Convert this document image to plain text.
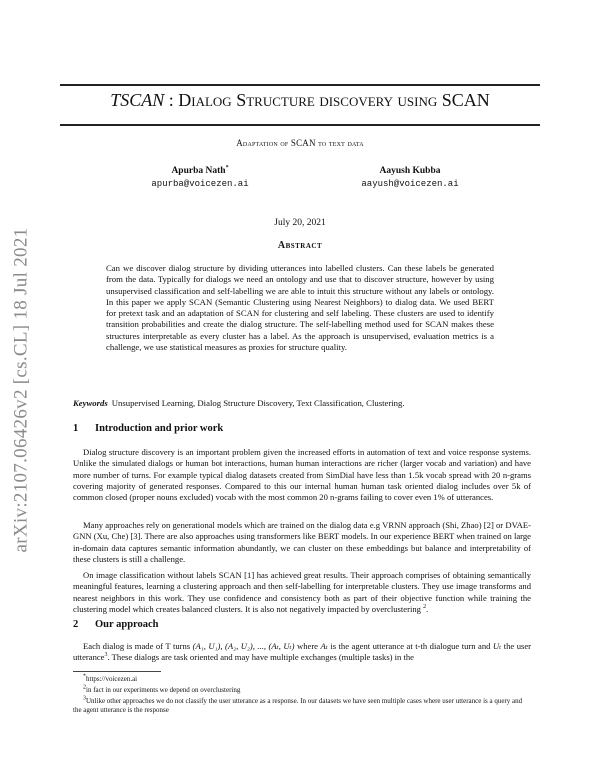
arXiv:2107.06426v2 [cs.CL] 18 Jul 2021
TSCAN : Dialog Structure discovery using SCAN
Adaptation of SCAN to text data
Apurba Nath*
apurba@voicezen.ai
Aayush Kubba
aayush@voicezen.ai
July 20, 2021
Abstract

Can we discover dialog structure by dividing utterances into labelled clusters. Can these labels be generated from the data. Typically for dialogs we need an ontology and use that to discover structure, however by using unsupervised classification and self-labelling we are able to intuit this structure without any labels or ontology. In this paper we apply SCAN (Semantic Clustering using Nearest Neighbors) to dialog data. We used BERT for pretext task and an adaptation of SCAN for clustering and self labeling. These clusters are used to identify transition probabilities and create the dialog structure. The self-labelling method used for SCAN makes these structures interpretable as every cluster has a label. As the approach is unsupervised, evaluation metrics is a challenge, we use statistical measures as proxies for structure quality.

Keywords Unsupervised Learning, Dialog Structure Discovery, Text Classification, Clustering.
1 Introduction and prior work

Dialog structure discovery is an important problem given the increased efforts in automation of text and voice response systems. Unlike the simulated dialogs or human bot interactions, human human interactions are richer (larger vocab and variation) and have more number of turns. For example typical dialog datasets created from SimDial have less than 1.5k vocab spread with 20 n-grams covering majority of generated responses. Compared to this our internal human human task oriented dialog includes over 5k of common closed (proper nouns excluded) vocab with the most common 20 n-grams failing to cover even 1% of utterances.

Many approaches rely on generational models which are trained on the dialog data e.g VRNN approach (Shi, Zhao) [2] or DVAE-GNN (Xu, Che) [3]. There are also approaches using transformers like BERT models. In our experience BERT when trained on large in-domain data captures semantic information abundantly, we can cluster on these embeddings but balance and interpretability of these clusters is still a challenge.

On image classification without labels SCAN [1] has achieved great results. Their approach comprises of obtaining semantically meaningful features, learning a clustering approach and then self-labelling for interpretable clusters. They use image transforms and nearest neighbors in this work. They use confidence and consistency both as part of their objective function while training the clustering model which creates balanced clusters. It is also not negatively impacted by overclustering $^2$.

2 Our approach

Each dialog is made of T turns (A₁, U₁), (A₂, U₂), ..., (Aₜ, Uₜ) where Aₜ is the agent utterance at t-th dialogue turn and Uₜ the user utterance$^3$. These dialogs are task oriented and may have multiple exchanges (multiple tasks) in the

*https://voicezen.ai

$^2$in fact in our experiments we depend on overclustering

$^3$Unlike other approaches we do not classify the user utterance as a response. In our datasets we have seen multiple cases where user utterance is a query and the agent utterance is the response
